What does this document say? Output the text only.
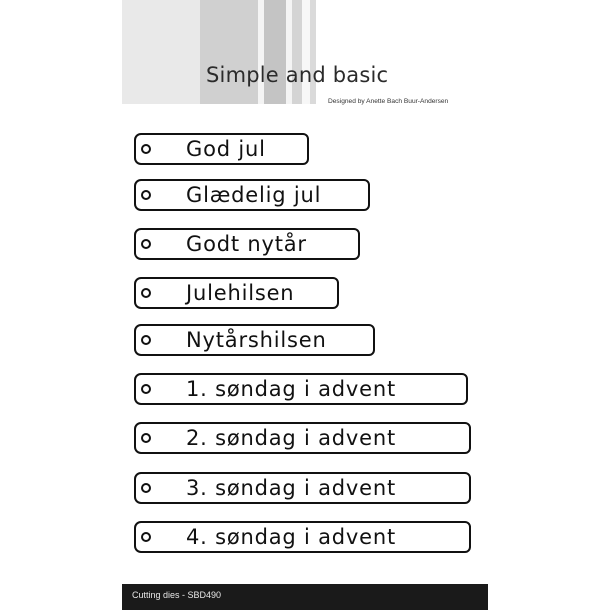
Simple and basic
Designed by Anette Bach Buur-Andersen
God jul
Glædelig jul
Godt nytår
Julehilsen
Nytårshilsen
1. søndag i advent
2. søndag i advent
3. søndag i advent
4. søndag i advent
Cutting dies - SBD490
